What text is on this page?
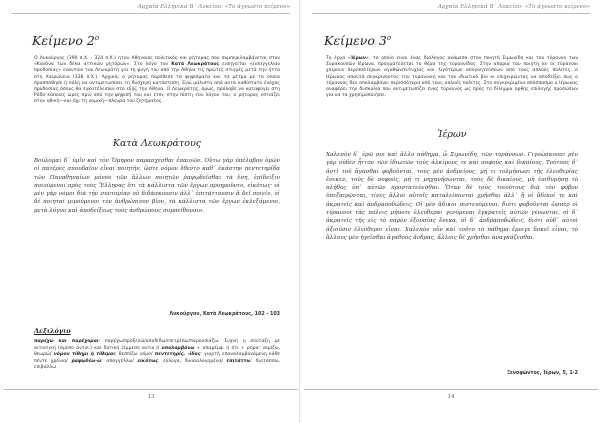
Αρχαία Ελληνικά Β΄ Λυκείου: «Το άγνωστο κείμενο»
Κείμενο $2^o$
Ο Λυκούργος (390 π.Χ. - 324 π.Χ.) ήταν Αθηναίος πολιτικός και ρήτορας που συμπεριλαμβάνεται στον «Κανόνα των δέκα αττικών ρητόρων». Στο λόγο του Κατά Λεωκράτους εισηγείται «εισαγγελίαν προδοσίας» εναντίον του Λεωκράτη για τη φυγή του από την Αθήνα τις πρώτες στιγμές μετά την ήττα στη Χαιρώνεια (338 π.Χ.). Αρχικά, ο ρήτορας παρέθεσε τα ψηφίσματα και τα μέτρα με τα οποία προσπάθησε η πόλη να αντιμετωπίσει τη δυσχερή κατάσταση. Ενώ μάλιστα από αυτά καθίστατο ένοχος προδοσίας όσους θα εγκατέλειπαν στο εξής την Αθήνα. Ο Λεωκράτης, όμως, πρόλαβε να καταφύγει στη Ρόδο κάποιες ώρες πριν από την ψήφισή του και έτσι, στην πίστη του λόγου του, ο ρήτορας εστιάζει στην ηθική—και όχι τη νομική—πλευρά του ζητήματος.
Κατὰ Λεωκράτους
Βούλομαι δ᾽ ὑμῖν καὶ τὸν Ὅμηρον παρασχέσθαι ἐπαινῶν. Οὕτω γὰρ ὑπέλαβον ὑμῶν οἱ πατέρες σπουδαῖον εἶναι ποιητήν, ὥστε νόμον ἔθεντο καθ᾽ ἑκάστην πεντετηρίδα τῶν Παναθηναίων μόνου τῶν ἄλλων ποιητῶν ῥαψῳδεῖσθαι τὰ ἔπη, ἐπίδειξιν ποιούμενοι πρὸς τοὺς Ἕλληνας ὅτι τὰ κάλλιστα τῶν ἔργων προῃροῦντο, εἰκότως· οἱ μὲν γὰρ νόμοι διὰ τὴν συντομίαν οὐ διδάσκουσιν ἀλλ᾽ ἐπιτάττουσιν ἃ δεῖ ποιεῖν, οἱ δὲ ποιηταὶ μιμούμενοι τὸν ἀνθρώπινον βίον, τὰ κάλλιστα τῶν ἔργων ἐκλεξάμενοι, μετὰ λόγου καὶ ἀποδείξεως τοὺς ἀνθρώπους συμπείθουσιν.
Λυκούργου, Κατὰ Λεωκράτους, 102 - 103
Λεξιλόγιο
παρέχω και παρέχομαι: παρέχω/προξενώ/αποδίδω/επιτρέπω/παρουσιάζω. Συχνή η σύνταξη με αιτιατική (άμεσο αντικ.) και δοτική (έμμεσο αντικ.)/ ὑπολαμβάνω + απαρέμφ. ή ότι + ρήμα: νομίζω, θεωρώ/ νόμον τίθημι ή τίθεμαι: θεσπίζω νόμο/ πεντετηρίς, -ίδος: γιορτή επαναλαμβανόμενη κάθε πέντε χρόνια/ ῥαψῳδέω-ῶ: απαγγέλλω/ εἰκότως: εύλογα, δικαιολογημένα/ ἐπιτάττω: διατάσσω, επιβάλλω
13
Αρχαία Ελληνικά Β΄ Λυκείου: «Το άγνωστο κείμενο»
Κείμενο $3^o$
Το έργο «Ἱέρων», το οποίο είναι ένας διάλογος ανάμεσα στον ποιητή Σιμωνίδη και τον τύραννο των Συρακουσών Ιέρωνα, πραγματεύεται το θέμα της τυραννίδας. Στην απορία του ποιητή αν οι τύραννοι χαίρουν περισσότερων αγαθών/ευτυχίας και λιγότερων απογοητεύσεων από τους απλούς πολίτες, ο Ιέρωνας απαντά συγκρίνοντας την τυραννική και τον ιδιωτικό βίο κι επιχειρώντας να αποδείξει πως ο τύραννος δεν απολαμβάνει περισσότερα από τους απλούς πολίτες. Στο συγκεκριμένο απόσπασμα ο Ιέρωνας αναφέρει την δυσκολία που αντιμετωπίζει ένας τύραννος ως προς το δίλημμα ορθής επιλογής προσώπων για να τα χρησιμοποιήσει.
Ἱέρων
Χαλεπὸν δ᾽ ἐρῶ σοι καὶ ἄλλο πάθημα, ὦ Σιμωνίδη, τῶν τυράννων. Γιγνώσκουσι μὲν γὰρ οὐδὲν ἧττον τῶν ἰδιωτῶν τοὺς ἀλκίμους τε καὶ σοφοὺς καὶ δικαίους. Τούτους δ᾽ ἀντὶ τοῦ ἄγασθαι φοβοῦνται, τοὺς μὲν ἀνδρείους, μή τι τολμήσωσι τῆς ἐλευθερίας ἕνεκεν, τοὺς δὲ σοφούς, μή τι μηχανήσωνται, τοὺς δὲ δικαίους, μὴ ἐπιθυμήσῃ τὸ πλῆθος ὑπ᾽ αὐτῶν προστατεύεσθαι. Ὅταν δὲ τοὺς τοιούτους διὰ τὸν φόβον ὑπεξαιρῶνται, τίνες ἄλλοι αὐτοῖς καταλείπονται χρῆσθαι ἀλλ᾽ ἢ οἱ ἄδικοί τε καὶ ἀκρατεῖς καὶ ἀνδραποδώδεις; Οἱ μὲν ἄδικοι πιστευόμενοι, διότι φοβοῦνται ὥσπερ οἱ τύραννοι τὰς πόλεις μήποτε ἐλεύθεραι γενόμεναι ἐγκρατεῖς αὐτῶν γένωνται, οἱ δ᾽ ἀκρατεῖς τῆς εἰς τὸ παρὸν ἐξουσίας ἕνεκα, οἱ δ᾽ ἀνδραποδώδεις, διότι οὐδ᾽ αὐτοὶ ἀξιοῦσιν ἐλεύθεροι εἶναι. Χαλεπὸν οὖν καὶ τοῦτο τὸ πάθημα ἔμοιγε δοκεῖ εἶναι, τὸ ἄλλους μὲν ἡγεῖσθαι ἀγαθοὺς ἄνδρας, ἄλλοις δὲ χρῆσθαι ἀναγκάζεσθαι.
Ξενοφῶντος, Ἱέρων, 5, 1-2
14
